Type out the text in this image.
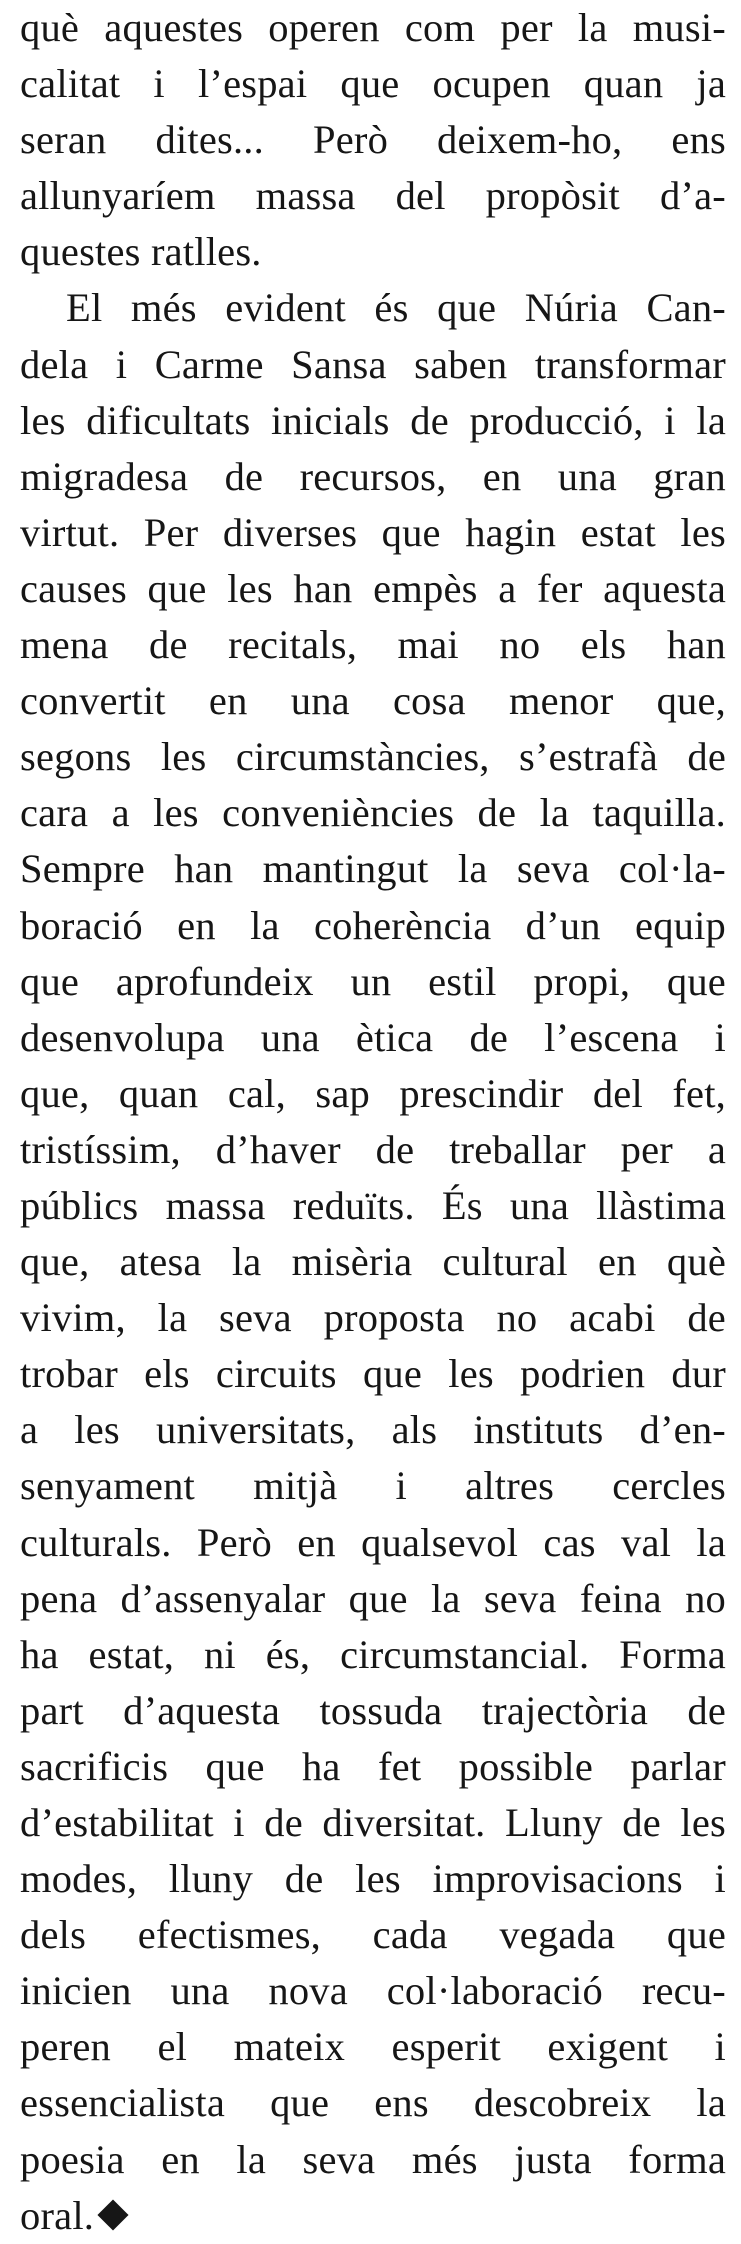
què aquestes operen com per la musi-
calitat i l’espai que ocupen quan ja
seran dites... Però deixem-ho, ens
allunyaríem massa del propòsit d’a-
questes ratlles.
El més evident és que Núria Can-
dela i Carme Sansa saben transformar
les dificultats inicials de producció, i la
migradesa de recursos, en una gran
virtut. Per diverses que hagin estat les
causes que les han empès a fer aquesta
mena de recitals, mai no els han
convertit en una cosa menor que,
segons les circumstàncies, s’estrafà de
cara a les conveniències de la taquilla.
Sempre han mantingut la seva col·la-
boració en la coherència d’un equip
que aprofundeix un estil propi, que
desenvolupa una ètica de l’escena i
que, quan cal, sap prescindir del fet,
tristíssim, d’haver de treballar per a
públics massa reduïts. És una llàstima
que, atesa la misèria cultural en què
vivim, la seva proposta no acabi de
trobar els circuits que les podrien dur
a les universitats, als instituts d’en-
senyament mitjà i altres cercles
culturals. Però en qualsevol cas val la
pena d’assenyalar que la seva feina no
ha estat, ni és, circumstancial. Forma
part d’aquesta tossuda trajectòria de
sacrificis que ha fet possible parlar
d’estabilitat i de diversitat. Lluny de les
modes, lluny de les improvisacions i
dels efectismes, cada vegada que
inicien una nova col·laboració recu-
peren el mateix esperit exigent i
essencialista que ens descobreix la
poesia en la seva més justa forma
oral.
